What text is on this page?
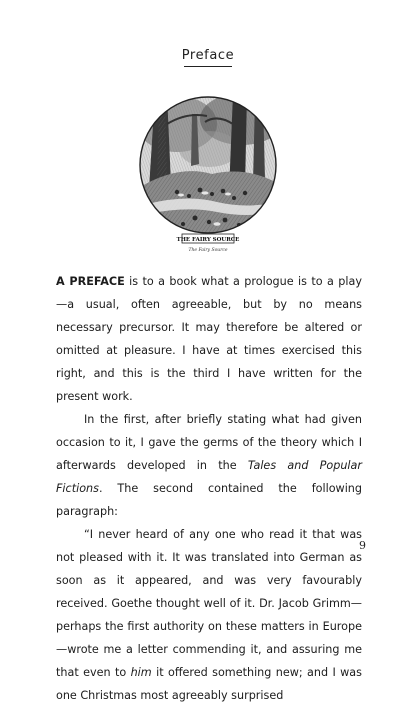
Preface
THE FAIRY SOURCE
The Fairy Source

A PREFACE is to a book what a prologue is to a play—a usual, often agreeable, but by no means necessary precursor. It may therefore be altered or omitted at pleasure. I have at times exercised this right, and this is the third I have written for the present work.

In the first, after briefly stating what had given occasion to it, I gave the germs of the theory which I afterwards developed in the Tales and Popular Fictions. The second contained the following paragraph:

“I never heard of any one who read it that was not pleased with it. It was translated into German as soon as it appeared, and was very favourably received. Goethe thought well of it. Dr. Jacob Grimm—perhaps the first authority on these matters in Europe—wrote me a letter commending it, and assuring me that even to him it offered something new; and I was one Christmas most agreeably surprised

9
